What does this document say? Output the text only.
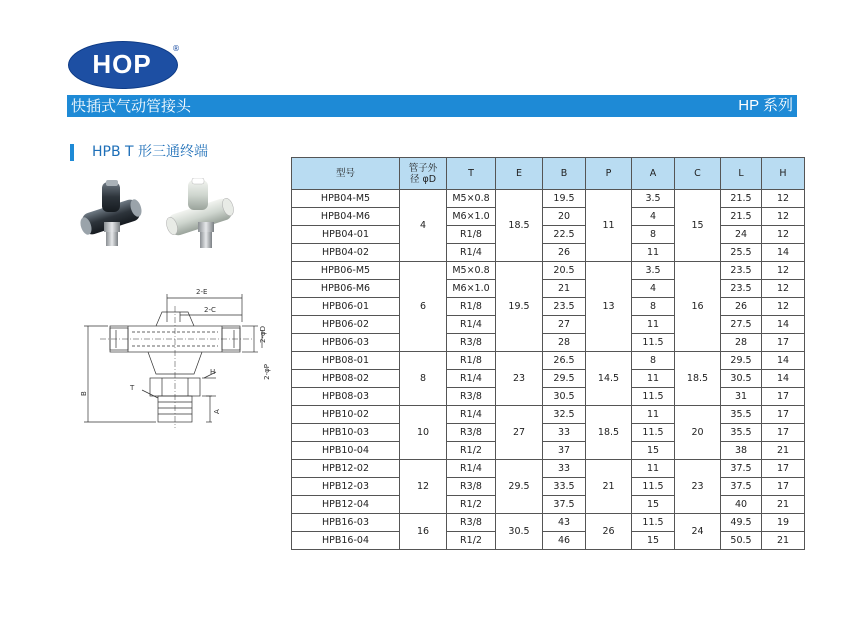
HOP
®
快插式气动管接头	HP 系列
HPB T 形三通终端
2-E
2-C
2-φD
2-φP
B
T
H
A
型号	管子外
径 φD	T	E	B	P	A	C	L	H
HPB04-M5	4	M5×0.8	18.5	19.5	11	3.5	15	21.5	12
HPB04-M6		M6×1.0		20		4		21.5	12
HPB04-01		R1/8		22.5		8		24	12
HPB04-02		R1/4		26		11		25.5	14
HPB06-M5	6	M5×0.8	19.5	20.5	13	3.5	16	23.5	12
HPB06-M6		M6×1.0		21		4		23.5	12
HPB06-01		R1/8		23.5		8		26	12
HPB06-02		R1/4		27		11		27.5	14
HPB06-03		R3/8		28		11.5		28	17
HPB08-01	8	R1/8	23	26.5	14.5	8	18.5	29.5	14
HPB08-02		R1/4		29.5		11		30.5	14
HPB08-03		R3/8		30.5		11.5		31	17
HPB10-02	10	R1/4	27	32.5	18.5	11	20	35.5	17
HPB10-03		R3/8		33		11.5		35.5	17
HPB10-04		R1/2		37		15		38	21
HPB12-02	12	R1/4	29.5	33	21	11	23	37.5	17
HPB12-03		R3/8		33.5		11.5		37.5	17
HPB12-04		R1/2		37.5		15		40	21
HPB16-03	16	R3/8	30.5	43	26	11.5	24	49.5	19
HPB16-04		R1/2		46		15		50.5	21
